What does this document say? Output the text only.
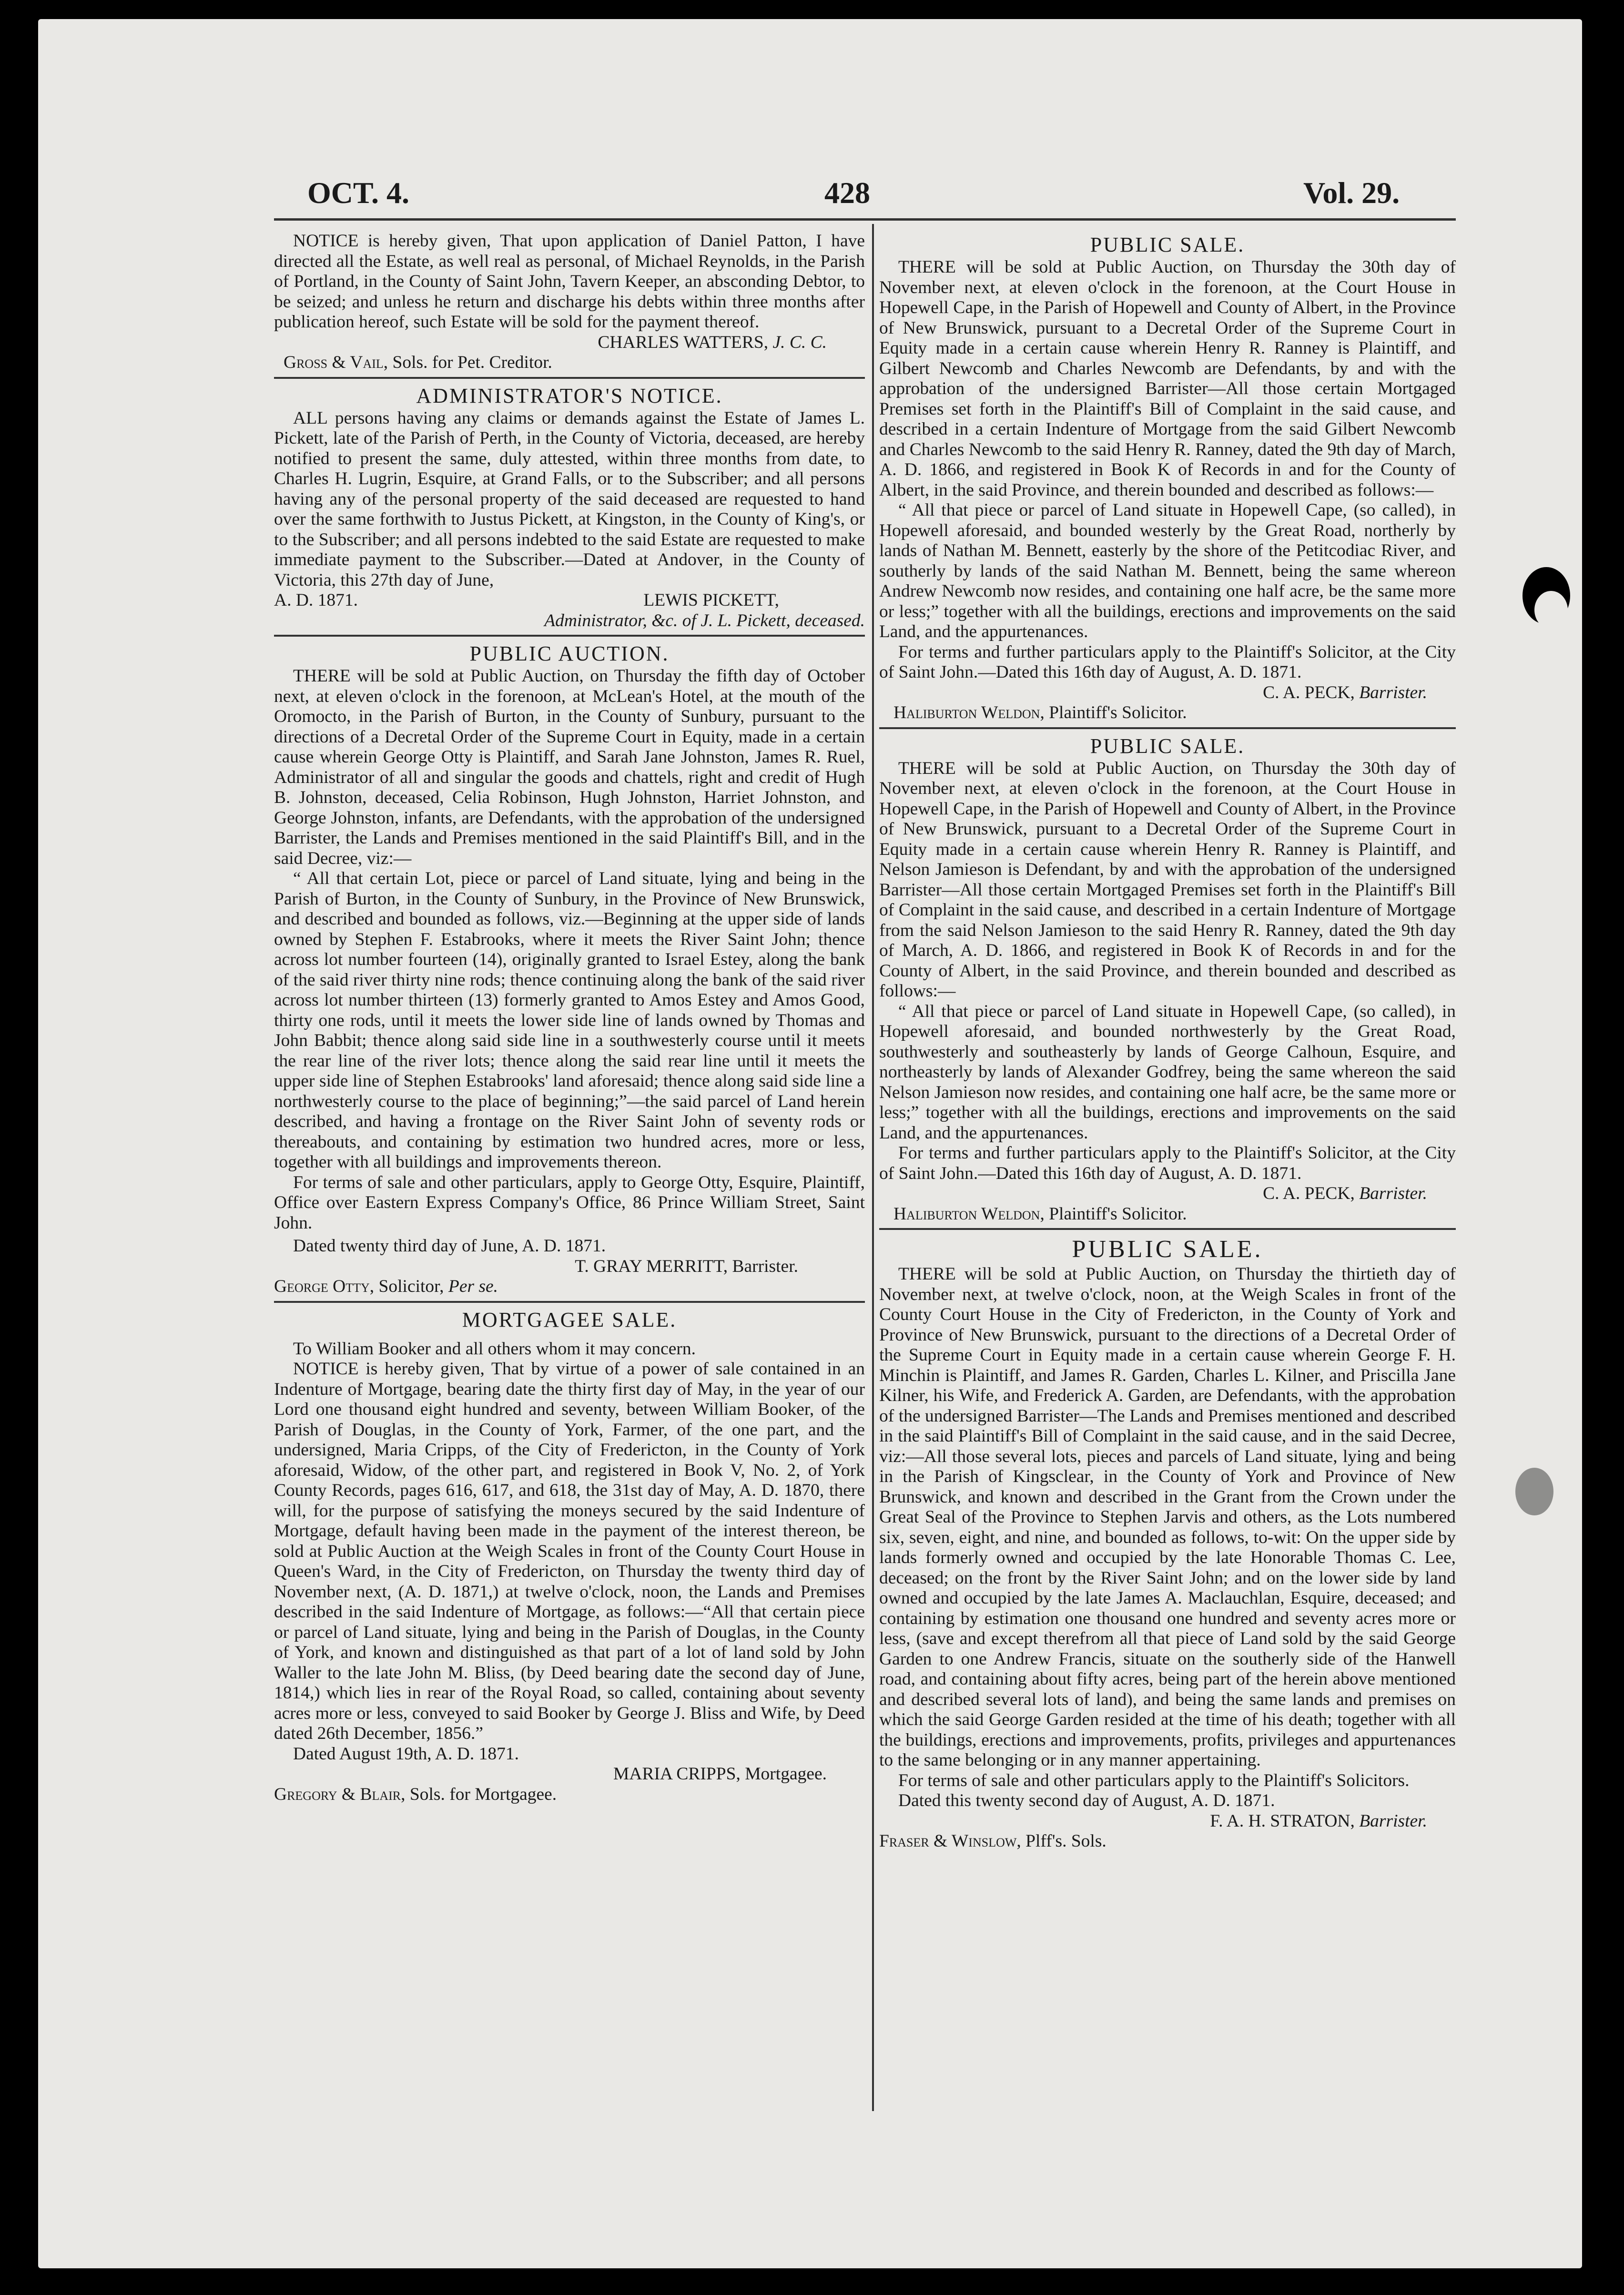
OCT. 4.	428	Vol. 29.

NOTICE is hereby given, That upon application of Daniel Patton, I have directed all the Estate, as well real as personal, of Michael Reynolds, in the Parish of Portland, in the County of Saint John, Tavern Keeper, an absconding Debtor, to be seized; and unless he return and discharge his debts within three months after publication hereof, such Estate will be sold for the payment thereof.

CHARLES WATTERS, J. C. C.

Gross & Vail, Sols. for Pet. Creditor.

ADMINISTRATOR'S NOTICE.

ALL persons having any claims or demands against the Estate of James L. Pickett, late of the Parish of Perth, in the County of Victoria, deceased, are hereby notified to present the same, duly attested, within three months from date, to Charles H. Lugrin, Esquire, at Grand Falls, or to the Subscriber; and all persons having any of the personal property of the said deceased are requested to hand over the same forthwith to Justus Pickett, at Kingston, in the County of King's, or to the Subscriber; and all persons indebted to the said Estate are requested to make immediate payment to the Subscriber.—Dated at Andover, in the County of Victoria, this 27th day of June,

A. D. 1871.	LEWIS PICKETT,

Administrator, &c. of J. L. Pickett, deceased.

PUBLIC AUCTION.

THERE will be sold at Public Auction, on Thursday the fifth day of October next, at eleven o'clock in the forenoon, at McLean's Hotel, at the mouth of the Oromocto, in the Parish of Burton, in the County of Sunbury, pursuant to the directions of a Decretal Order of the Supreme Court in Equity, made in a certain cause wherein George Otty is Plaintiff, and Sarah Jane Johnston, James R. Ruel, Administrator of all and singular the goods and chattels, right and credit of Hugh B. Johnston, deceased, Celia Robinson, Hugh Johnston, Harriet Johnston, and George Johnston, infants, are Defendants, with the approbation of the undersigned Barrister, the Lands and Premises mentioned in the said Plaintiff's Bill, and in the said Decree, viz:—

“ All that certain Lot, piece or parcel of Land situate, lying and being in the Parish of Burton, in the County of Sunbury, in the Province of New Brunswick, and described and bounded as follows, viz.—Beginning at the upper side of lands owned by Stephen F. Estabrooks, where it meets the River Saint John; thence across lot number fourteen (14), originally granted to Israel Estey, along the bank of the said river thirty nine rods; thence continuing along the bank of the said river across lot number thirteen (13) formerly granted to Amos Estey and Amos Good, thirty one rods, until it meets the lower side line of lands owned by Thomas and John Babbit; thence along said side line in a southwesterly course until it meets the rear line of the river lots; thence along the said rear line until it meets the upper side line of Stephen Estabrooks' land aforesaid; thence along said side line a northwesterly course to the place of beginning;”—the said parcel of Land herein described, and having a frontage on the River Saint John of seventy rods or thereabouts, and containing by estimation two hundred acres, more or less, together with all buildings and improvements thereon.

For terms of sale and other particulars, apply to George Otty, Esquire, Plaintiff, Office over Eastern Express Company's Office, 86 Prince William Street, Saint John.

Dated twenty third day of June, A. D. 1871.

T. GRAY MERRITT, Barrister.

George Otty, Solicitor, Per se.

MORTGAGEE SALE.

To William Booker and all others whom it may concern.

NOTICE is hereby given, That by virtue of a power of sale contained in an Indenture of Mortgage, bearing date the thirty first day of May, in the year of our Lord one thousand eight hundred and seventy, between William Booker, of the Parish of Douglas, in the County of York, Farmer, of the one part, and the undersigned, Maria Cripps, of the City of Fredericton, in the County of York aforesaid, Widow, of the other part, and registered in Book V, No. 2, of York County Records, pages 616, 617, and 618, the 31st day of May, A. D. 1870, there will, for the purpose of satisfying the moneys secured by the said Indenture of Mortgage, default having been made in the payment of the interest thereon, be sold at Public Auction at the Weigh Scales in front of the County Court House in Queen's Ward, in the City of Fredericton, on Thursday the twenty third day of November next, (A. D. 1871,) at twelve o'clock, noon, the Lands and Premises described in the said Indenture of Mortgage, as follows:—“All that certain piece or parcel of Land situate, lying and being in the Parish of Douglas, in the County of York, and known and distinguished as that part of a lot of land sold by John Waller to the late John M. Bliss, (by Deed bearing date the second day of June, 1814,) which lies in rear of the Royal Road, so called, containing about seventy acres more or less, conveyed to said Booker by George J. Bliss and Wife, by Deed dated 26th December, 1856.”

Dated August 19th, A. D. 1871.

MARIA CRIPPS, Mortgagee.

Gregory & Blair, Sols. for Mortgagee.

PUBLIC SALE.

THERE will be sold at Public Auction, on Thursday the 30th day of November next, at eleven o'clock in the forenoon, at the Court House in Hopewell Cape, in the Parish of Hopewell and County of Albert, in the Province of New Brunswick, pursuant to a Decretal Order of the Supreme Court in Equity made in a certain cause wherein Henry R. Ranney is Plaintiff, and Gilbert Newcomb and Charles Newcomb are Defendants, by and with the approbation of the undersigned Barrister—All those certain Mortgaged Premises set forth in the Plaintiff's Bill of Complaint in the said cause, and described in a certain Indenture of Mortgage from the said Gilbert Newcomb and Charles Newcomb to the said Henry R. Ranney, dated the 9th day of March, A. D. 1866, and registered in Book K of Records in and for the County of Albert, in the said Province, and therein bounded and described as follows:—

“ All that piece or parcel of Land situate in Hopewell Cape, (so called), in Hopewell aforesaid, and bounded westerly by the Great Road, northerly by lands of Nathan M. Bennett, easterly by the shore of the Petitcodiac River, and southerly by lands of the said Nathan M. Bennett, being the same whereon Andrew Newcomb now resides, and containing one half acre, be the same more or less;” together with all the buildings, erections and improvements on the said Land, and the appurtenances.

For terms and further particulars apply to the Plaintiff's Solicitor, at the City of Saint John.—Dated this 16th day of August, A. D. 1871.

C. A. PECK, Barrister.

Haliburton Weldon, Plaintiff's Solicitor.

PUBLIC SALE.

THERE will be sold at Public Auction, on Thursday the 30th day of November next, at eleven o'clock in the forenoon, at the Court House in Hopewell Cape, in the Parish of Hopewell and County of Albert, in the Province of New Brunswick, pursuant to a Decretal Order of the Supreme Court in Equity made in a certain cause wherein Henry R. Ranney is Plaintiff, and Nelson Jamieson is Defendant, by and with the approbation of the undersigned Barrister—All those certain Mortgaged Premises set forth in the Plaintiff's Bill of Complaint in the said cause, and described in a certain Indenture of Mortgage from the said Nelson Jamieson to the said Henry R. Ranney, dated the 9th day of March, A. D. 1866, and registered in Book K of Records in and for the County of Albert, in the said Province, and therein bounded and described as follows:—

“ All that piece or parcel of Land situate in Hopewell Cape, (so called), in Hopewell aforesaid, and bounded northwesterly by the Great Road, southwesterly and southeasterly by lands of George Calhoun, Esquire, and northeasterly by lands of Alexander Godfrey, being the same whereon the said Nelson Jamieson now resides, and containing one half acre, be the same more or less;” together with all the buildings, erections and improvements on the said Land, and the appurtenances.

For terms and further particulars apply to the Plaintiff's Solicitor, at the City of Saint John.—Dated this 16th day of August, A. D. 1871.

C. A. PECK, Barrister.

Haliburton Weldon, Plaintiff's Solicitor.

PUBLIC SALE.

THERE will be sold at Public Auction, on Thursday the thirtieth day of November next, at twelve o'clock, noon, at the Weigh Scales in front of the County Court House in the City of Fredericton, in the County of York and Province of New Brunswick, pursuant to the directions of a Decretal Order of the Supreme Court in Equity made in a certain cause wherein George F. H. Minchin is Plaintiff, and James R. Garden, Charles L. Kilner, and Priscilla Jane Kilner, his Wife, and Frederick A. Garden, are Defendants, with the approbation of the undersigned Barrister—The Lands and Premises mentioned and described in the said Plaintiff's Bill of Complaint in the said cause, and in the said Decree, viz:—All those several lots, pieces and parcels of Land situate, lying and being in the Parish of Kingsclear, in the County of York and Province of New Brunswick, and known and described in the Grant from the Crown under the Great Seal of the Province to Stephen Jarvis and others, as the Lots numbered six, seven, eight, and nine, and bounded as follows, to-wit: On the upper side by lands formerly owned and occupied by the late Honorable Thomas C. Lee, deceased; on the front by the River Saint John; and on the lower side by land owned and occupied by the late James A. Maclauchlan, Esquire, deceased; and containing by estimation one thousand one hundred and seventy acres more or less, (save and except therefrom all that piece of Land sold by the said George Garden to one Andrew Francis, situate on the southerly side of the Hanwell road, and containing about fifty acres, being part of the herein above mentioned and described several lots of land), and being the same lands and premises on which the said George Garden resided at the time of his death; together with all the buildings, erections and improvements, profits, privileges and appurtenances to the same belonging or in any manner appertaining.

For terms of sale and other particulars apply to the Plaintiff's Solicitors.

Dated this twenty second day of August, A. D. 1871.

F. A. H. STRATON, Barrister.

Fraser & Winslow, Plff's. Sols.
